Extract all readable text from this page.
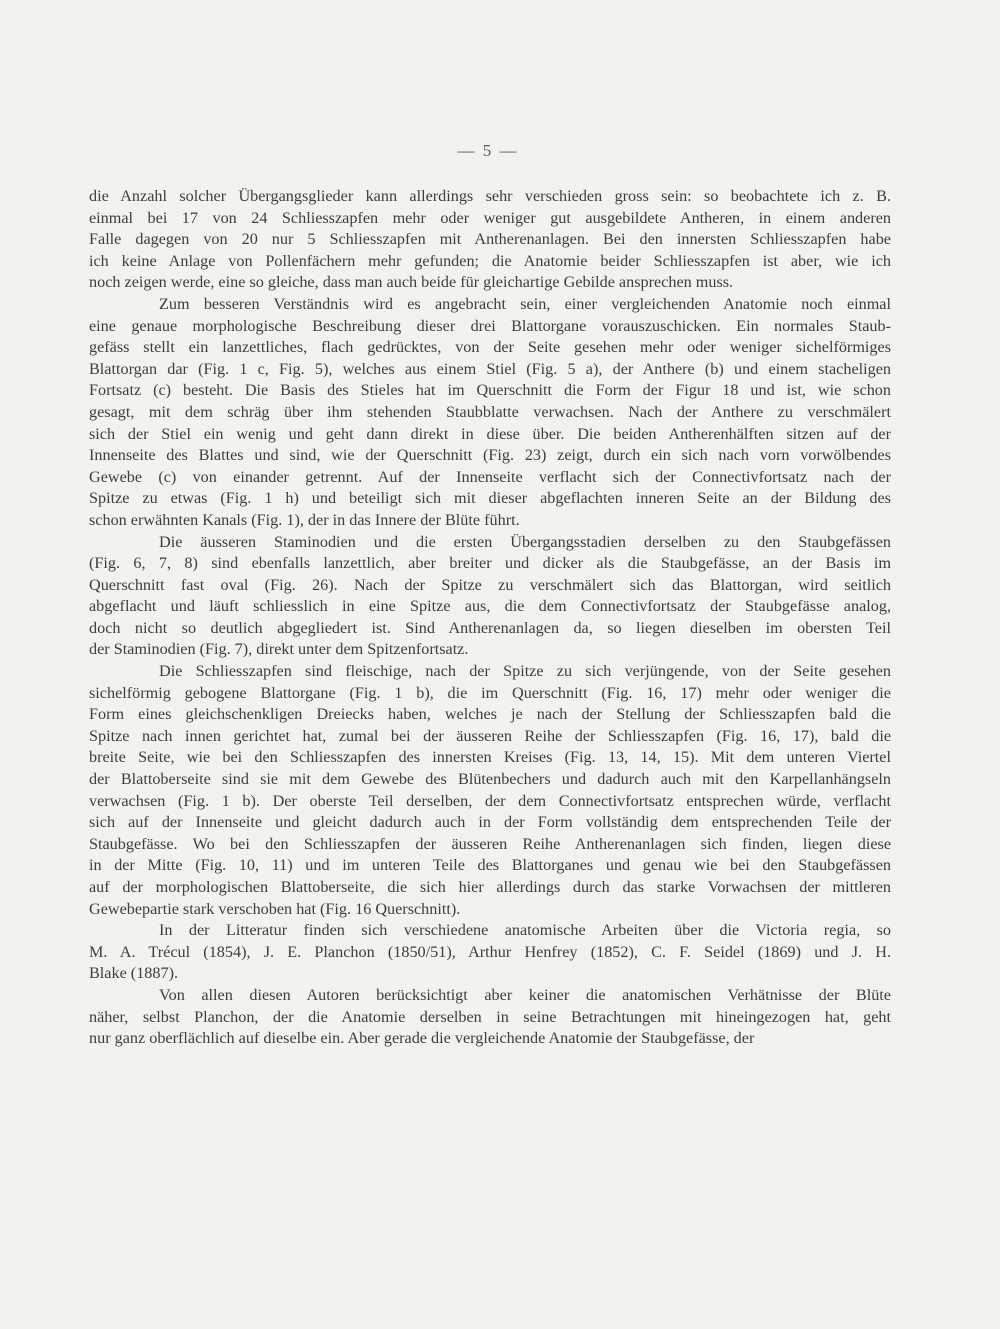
— 5 —
die Anzahl solcher Übergangsglieder kann allerdings sehr verschieden gross sein: so beobachtete ich z. B.
einmal bei 17 von 24 Schliesszapfen mehr oder weniger gut ausgebildete Antheren, in einem anderen
Falle dagegen von 20 nur 5 Schliesszapfen mit Antherenanlagen. Bei den innersten Schliesszapfen habe
ich keine Anlage von Pollenfächern mehr gefunden; die Anatomie beider Schliesszapfen ist aber, wie ich
noch zeigen werde, eine so gleiche, dass man auch beide für gleichartige Gebilde ansprechen muss.
Zum besseren Verständnis wird es angebracht sein, einer vergleichenden Anatomie noch einmal
eine genaue morphologische Beschreibung dieser drei Blattorgane vorauszuschicken. Ein normales Staub-
gefäss stellt ein lanzettliches, flach gedrücktes, von der Seite gesehen mehr oder weniger sichelförmiges
Blattorgan dar (Fig. 1 c, Fig. 5), welches aus einem Stiel (Fig. 5 a), der Anthere (b) und einem stacheligen
Fortsatz (c) besteht. Die Basis des Stieles hat im Querschnitt die Form der Figur 18 und ist, wie schon
gesagt, mit dem schräg über ihm stehenden Staubblatte verwachsen. Nach der Anthere zu verschmälert
sich der Stiel ein wenig und geht dann direkt in diese über. Die beiden Antherenhälften sitzen auf der
Innenseite des Blattes und sind, wie der Querschnitt (Fig. 23) zeigt, durch ein sich nach vorn vorwölbendes
Gewebe (c) von einander getrennt. Auf der Innenseite verflacht sich der Connectivfortsatz nach der
Spitze zu etwas (Fig. 1 h) und beteiligt sich mit dieser abgeflachten inneren Seite an der Bildung des
schon erwähnten Kanals (Fig. 1), der in das Innere der Blüte führt.
Die äusseren Staminodien und die ersten Übergangsstadien derselben zu den Staubgefässen
(Fig. 6, 7, 8) sind ebenfalls lanzettlich, aber breiter und dicker als die Staubgefässe, an der Basis im
Querschnitt fast oval (Fig. 26). Nach der Spitze zu verschmälert sich das Blattorgan, wird seitlich
abgeflacht und läuft schliesslich in eine Spitze aus, die dem Connectivfortsatz der Staubgefässe analog,
doch nicht so deutlich abgegliedert ist. Sind Antherenanlagen da, so liegen dieselben im obersten Teil
der Staminodien (Fig. 7), direkt unter dem Spitzenfortsatz.
Die Schliesszapfen sind fleischige, nach der Spitze zu sich verjüngende, von der Seite gesehen
sichelförmig gebogene Blattorgane (Fig. 1 b), die im Querschnitt (Fig. 16, 17) mehr oder weniger die
Form eines gleichschenkligen Dreiecks haben, welches je nach der Stellung der Schliesszapfen bald die
Spitze nach innen gerichtet hat, zumal bei der äusseren Reihe der Schliesszapfen (Fig. 16, 17), bald die
breite Seite, wie bei den Schliesszapfen des innersten Kreises (Fig. 13, 14, 15). Mit dem unteren Viertel
der Blattoberseite sind sie mit dem Gewebe des Blütenbechers und dadurch auch mit den Karpellanhängseln
verwachsen (Fig. 1 b). Der oberste Teil derselben, der dem Connectivfortsatz entsprechen würde, verflacht
sich auf der Innenseite und gleicht dadurch auch in der Form vollständig dem entsprechenden Teile der
Staubgefässe. Wo bei den Schliesszapfen der äusseren Reihe Antherenanlagen sich finden, liegen diese
in der Mitte (Fig. 10, 11) und im unteren Teile des Blattorganes und genau wie bei den Staubgefässen
auf der morphologischen Blattoberseite, die sich hier allerdings durch das starke Vorwachsen der mittleren
Gewebepartie stark verschoben hat (Fig. 16 Querschnitt).
In der Litteratur finden sich verschiedene anatomische Arbeiten über die Victoria regia, so
M. A. Trécul (1854), J. E. Planchon (1850/51), Arthur Henfrey (1852), C. F. Seidel (1869) und J. H.
Blake (1887).
Von allen diesen Autoren berücksichtigt aber keiner die anatomischen Verhätnisse der Blüte
näher, selbst Planchon, der die Anatomie derselben in seine Betrachtungen mit hineingezogen hat, geht
nur ganz oberflächlich auf dieselbe ein. Aber gerade die vergleichende Anatomie der Staubgefässe, der
